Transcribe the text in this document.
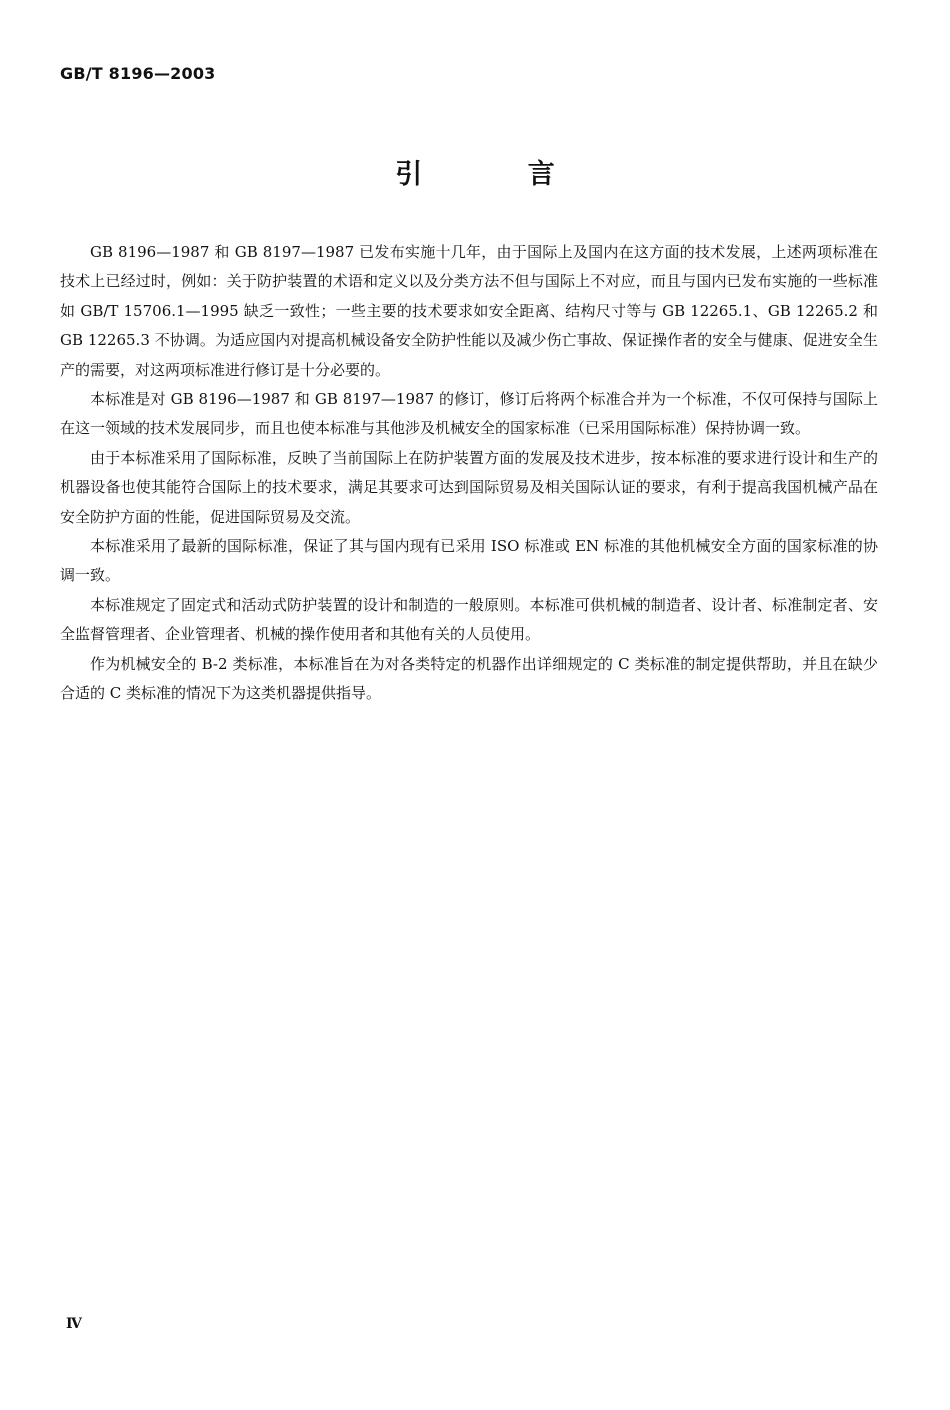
GB/T 8196—2003
引 言

GB 8196—1987 和 GB 8197—1987 已发布实施十几年，由于国际上及国内在这方面的技术发展，上述两项标准在技术上已经过时，例如：关于防护装置的术语和定义以及分类方法不但与国际上不对应，而且与国内已发布实施的一些标准如 GB/T 15706.1—1995 缺乏一致性；一些主要的技术要求如安全距离、结构尺寸等与 GB 12265.1、GB 12265.2 和 GB 12265.3 不协调。为适应国内对提高机械设备安全防护性能以及减少伤亡事故、保证操作者的安全与健康、促进安全生产的需要，对这两项标准进行修订是十分必要的。

本标准是对 GB 8196—1987 和 GB 8197—1987 的修订，修订后将两个标准合并为一个标准，不仅可保持与国际上在这一领域的技术发展同步，而且也使本标准与其他涉及机械安全的国家标准（已采用国际标准）保持协调一致。

由于本标准采用了国际标准，反映了当前国际上在防护装置方面的发展及技术进步，按本标准的要求进行设计和生产的机器设备也使其能符合国际上的技术要求，满足其要求可达到国际贸易及相关国际认证的要求，有利于提高我国机械产品在安全防护方面的性能，促进国际贸易及交流。

本标准采用了最新的国际标准，保证了其与国内现有已采用 ISO 标准或 EN 标准的其他机械安全方面的国家标准的协调一致。

本标准规定了固定式和活动式防护装置的设计和制造的一般原则。本标准可供机械的制造者、设计者、标准制定者、安全监督管理者、企业管理者、机械的操作使用者和其他有关的人员使用。

作为机械安全的 B-2 类标准，本标准旨在为对各类特定的机器作出详细规定的 C 类标准的制定提供帮助，并且在缺少合适的 C 类标准的情况下为这类机器提供指导。

Ⅳ
